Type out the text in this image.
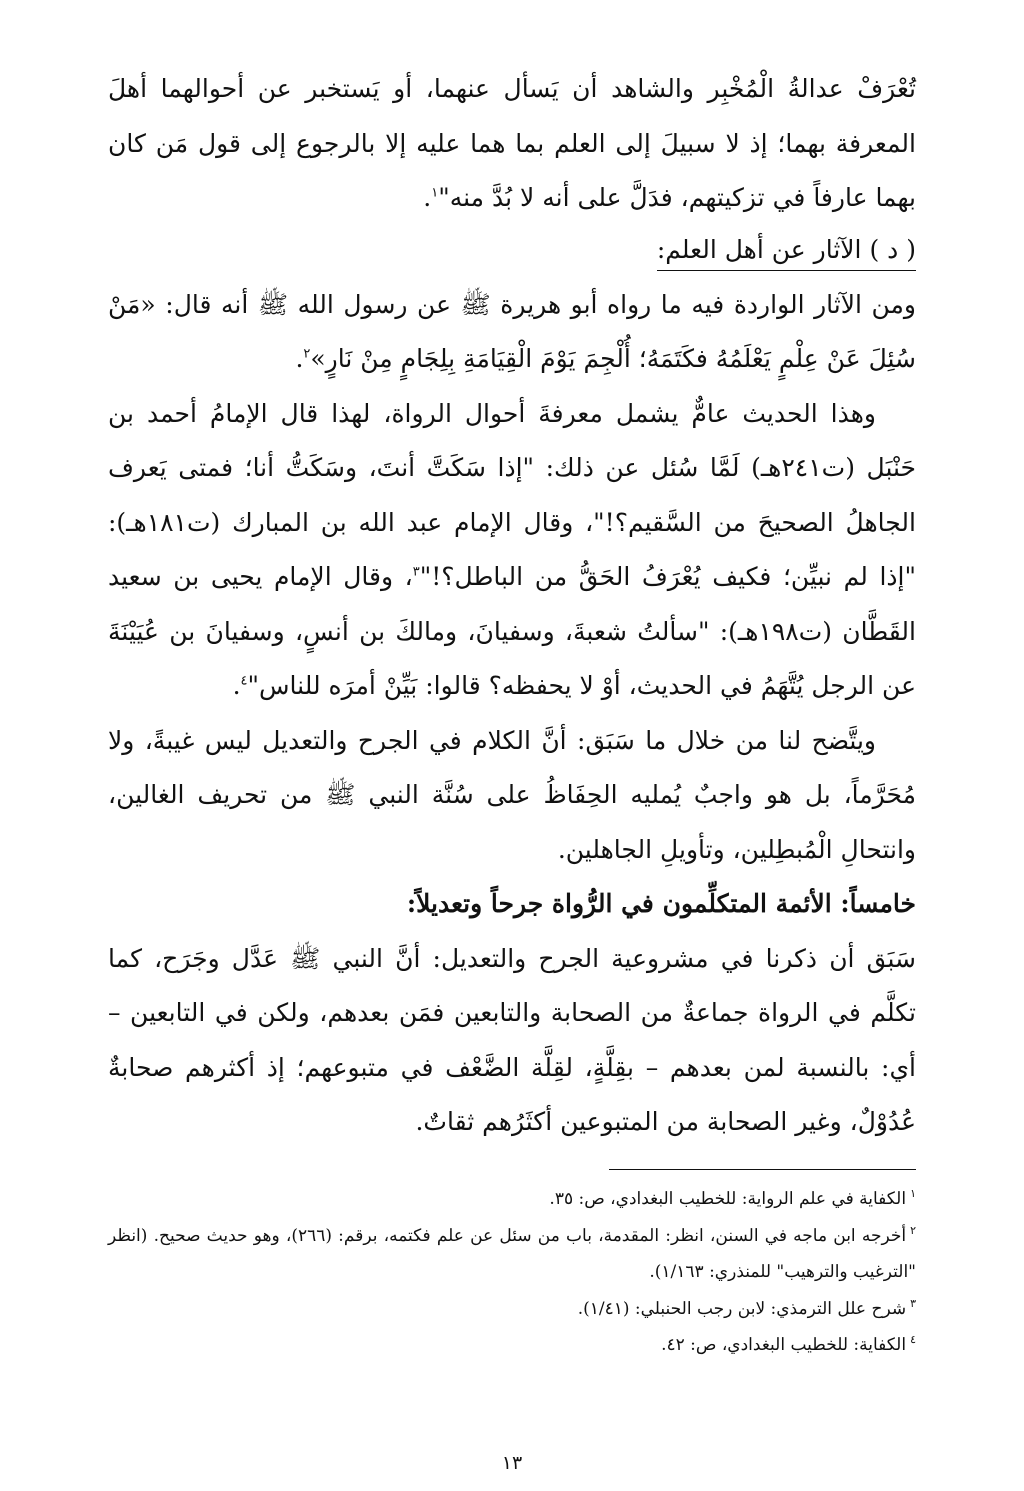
تُعْرَفْ عدالةُ الْمُخْبِر والشاهد أن يَسأل عنهما، أو يَستخبر عن أحوالهما أهلَ المعرفة بهما؛ إذ لا سبيلَ إلى العلم بما هما عليه إلا بالرجوع إلى قول مَن كان بهما عارفاً في تزكيتهم، فدَلَّ على أنه لا بُدَّ منه"$^١$.

( د ) الآثار عن أهل العلم:

ومن الآثار الواردة فيه ما رواه أبو هريرة ﷺ عن رسول الله ﷺ أنه قال: «مَنْ سُئِلَ عَنْ عِلْمٍ يَعْلَمُهُ فكَتَمَهُ؛ أُلْجِمَ يَوْمَ الْقِيَامَةِ بِلِجَامٍ مِنْ نَارٍ»$^٢$.

وهذا الحديث عامٌّ يشمل معرفةَ أحوال الرواة، لهذا قال الإمامُ أحمد بن حَنْبَل (ت٢٤١هـ) لَمَّا سُئل عن ذلك: "إذا سَكَتَّ أنتَ، وسَكَتُّ أنا؛ فمتى يَعرف الجاهلُ الصحيحَ من السَّقيم؟!"، وقال الإمام عبد الله بن المبارك (ت١٨١هـ): "إذا لم نبيِّن؛ فكيف يُعْرَفُ الحَقُّ من الباطل؟!"$^٣$، وقال الإمام يحيى بن سعيد القَطَّان (ت١٩٨هـ): "سألتُ شعبةَ، وسفيانَ، ومالكَ بن أنسٍ، وسفيانَ بن عُيَيْنَةَ عن الرجل يُتَّهَمُ في الحديث، أوْ لا يحفظه؟ قالوا: بَيِّنْ أمرَه للناس"$^٤$.

ويتَّضح لنا من خلال ما سَبَق: أنَّ الكلام في الجرح والتعديل ليس غيبةً، ولا مُحَرَّماً، بل هو واجبٌ يُمليه الحِفَاظُ على سُنَّة النبي ﷺ من تحريف الغالين، وانتحالِ الْمُبطِلين، وتأويلِ الجاهلين.

خامساً: الأئمة المتكلِّمون في الرُّواة جرحاً وتعديلاً:

سَبَق أن ذكرنا في مشروعية الجرح والتعديل: أنَّ النبي ﷺ عَدَّل وجَرَح، كما تكلَّم في الرواة جماعةٌ من الصحابة والتابعين فمَن بعدهم، ولكن في التابعين – أي: بالنسبة لمن بعدهم – بقِلَّةٍ، لقِلَّة الضَّعْف في متبوعهم؛ إذ أكثرهم صحابةٌ عُدُوْلٌ، وغير الصحابة من المتبوعين أكثَرُهم ثقاتٌ.

$^١$الكفاية في علم الرواية: للخطيب البغدادي، ص: ٣٥.

$^٢$أخرجه ابن ماجه في السنن، انظر: المقدمة، باب من سئل عن علم فكتمه، برقم: (٢٦٦)، وهو حديث صحيح. (انظر "الترغيب والترهيب" للمنذري: ١/١٦٣).

$^٣$شرح علل الترمذي: لابن رجب الحنبلي: (١/٤١).

$^٤$الكفاية: للخطيب البغدادي، ص: ٤٢.

١٣
